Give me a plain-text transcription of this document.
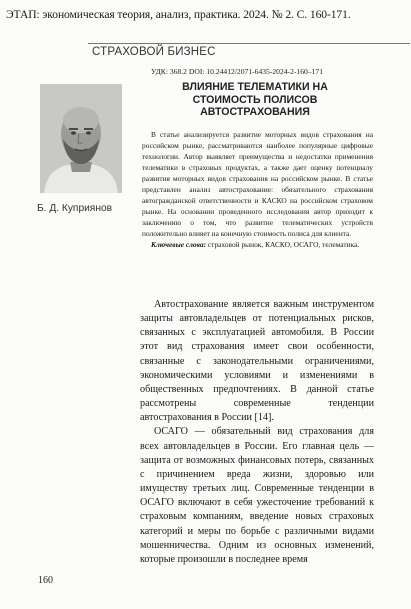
ЭТАП: экономическая теория, анализ, практика. 2024. № 2. С. 160-171.
СТРАХОВОЙ БИЗНЕС
УДК: 368.2 DOI: 10.24412/2071-6435-2024-2-160–171
ВЛИЯНИЕ ТЕЛЕМАТИКИ НА СТОИМОСТЬ ПОЛИСОВ АВТОСТРАХОВАНИЯ
Б. Д. Куприянов

В статье анализируется развитие моторных видов страхования на российском рынке, рассматриваются наиболее популярные цифровые технологии. Автор выявляет преимущества и недостатки применения телематики в страховых продуктах, а также дает оценку потенциалу развития моторных видов страхования на российском рынке. В статье представлен анализ автострахование: обязательного страхования автогражданской ответственности и КАСКО на российском страховом рынке. На основании проведенного исследования автор приходит к заключению о том, что развитие телематических устройств положительно влияет на конечную стоимость полиса для клиента.

Ключевые слова: страховой рынок, КАСКО, ОСАГО, телематика.

Автострахование является важным инструментом защиты автовладельцев от потенциальных рисков, связанных с эксплуатацией автомобиля. В России этот вид страхования имеет свои особенности, связанные с законодательными ограничениями, экономическими условиями и изменениями в общественных предпочтениях. В данной статье рассмотрены современные тенденции автострахования в России [14].

ОСАГО — обязательный вид страхования для всех автовладельцев в России. Его главная цель — защита от возможных финансовых потерь, связанных с причинением вреда жизни, здоровью или имуществу третьих лиц. Современные тенденции в ОСАГО включают в себя ужесточение требований к страховым компаниям, введение новых страховых категорий и меры по борьбе с различными видами мошенничества. Одним из основных изменений, которые произошли в последнее время

160
